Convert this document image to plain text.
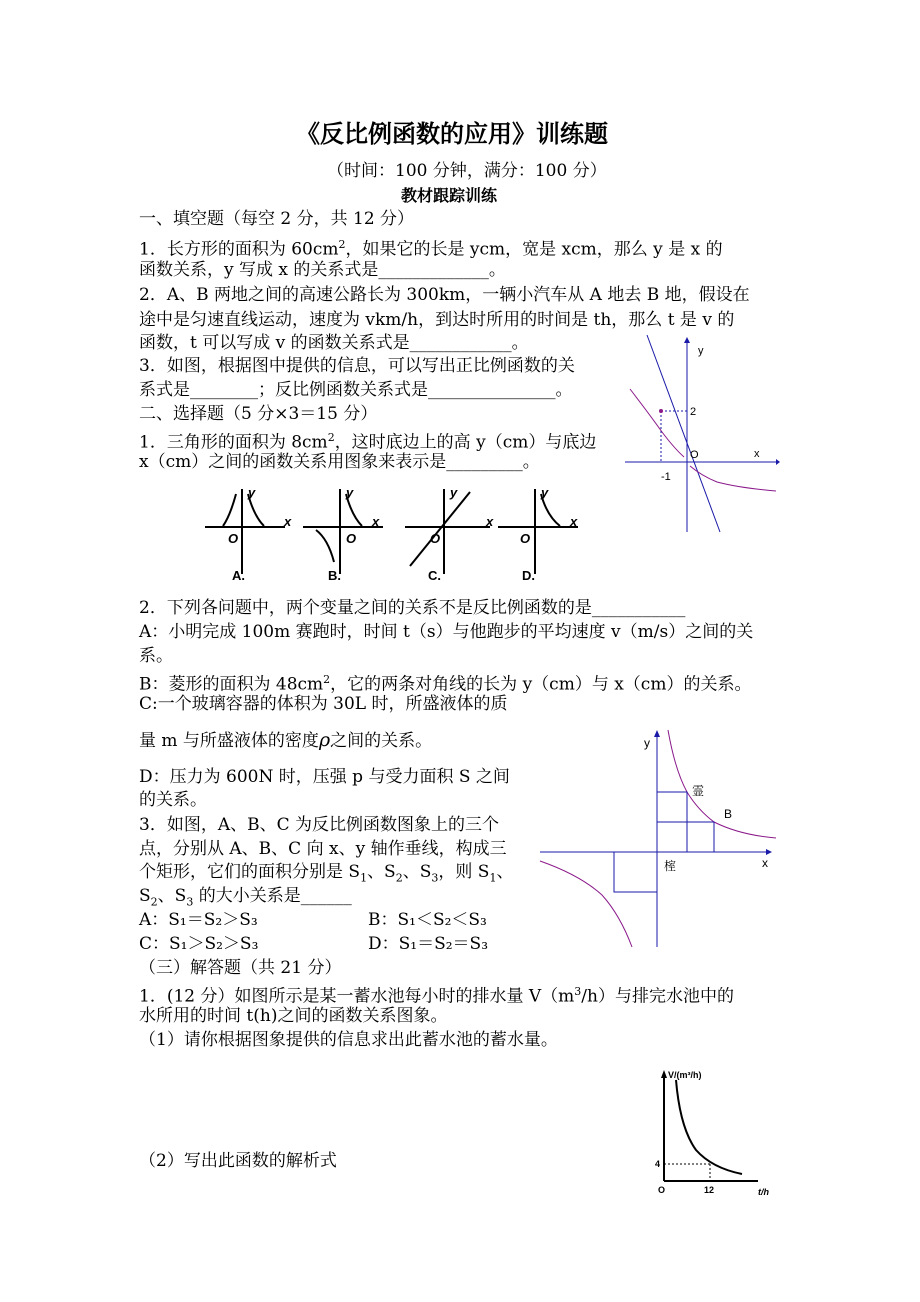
《反比例函数的应用》训练题
（时间：100 分钟，满分：100 分）
教材跟踪训练
一、填空题（每空 2 分，共 12 分）
1．长方形的面积为 $60cm^2$，如果它的长是 ycm，宽是 xcm，那么 y 是 x 的
函数关系，y 写成 x 的关系式是_____________。
2．A、B 两地之间的高速公路长为 300km，一辆小汽车从 A 地去 B 地，假设在
途中是匀速直线运动，速度为 vkm/h，到达时所用的时间是 th，那么 t 是 v 的
函数，t 可以写成 v 的函数关系式是____________。
3．如图，根据图中提供的信息，可以写出正比例函数的关
系式是________；反比例函数关系式是_______________。
二、选择题（5 分×3＝15 分）
1．三角形的面积为 $8cm^2$，这时底边上的高 y（cm）与底边
x（cm）之间的函数关系用图象来表示是_________。
2．下列各问题中，两个变量之间的关系不是反比例函数的是___________
A：小明完成 100m 赛跑时，时间 t（s）与他跑步的平均速度 v（m/s）之间的关
系。
B：菱形的面积为 $48cm^2$，它的两条对角线的长为 y（cm）与 x（cm）的关系。
C:一个玻璃容器的体积为 30L 时，所盛液体的质
量 m 与所盛液体的密度ρ之间的关系。
D：压力为 600N 时，压强 p 与受力面积 S 之间
的关系。
3．如图，A、B、C 为反比例函数图象上的三个
点，分别从 A、B、C 向 x、y 轴作垂线，构成三
个矩形，它们的面积分别是 $S_1$、$S_2$、$S_3$，则 $S_1$、
$S_2$、$S_3$ 的大小关系是______
A：S₁＝S₂＞S₃	B：S₁＜S₂＜S₃
C：S₁＞S₂＞S₃	D：S₁＝S₂＝S₃
（三）解答题（共 21 分）
1．(12 分）如图所示是某一蓄水池每小时的排水量 $V(m^3/h)$与排完水池中的
水所用的时间 t(h)之间的函数关系图象。
（1）请你根据图象提供的信息求出此蓄水池的蓄水量。
（2）写出此函数的解析式
y
x
2
O
-1
y
x
O
A.
y
x
O
B.
y
x
O
C.
y
x
O
D.
y
x
霊
B
榁
V/(m³/h)
t/h
O
4
12
